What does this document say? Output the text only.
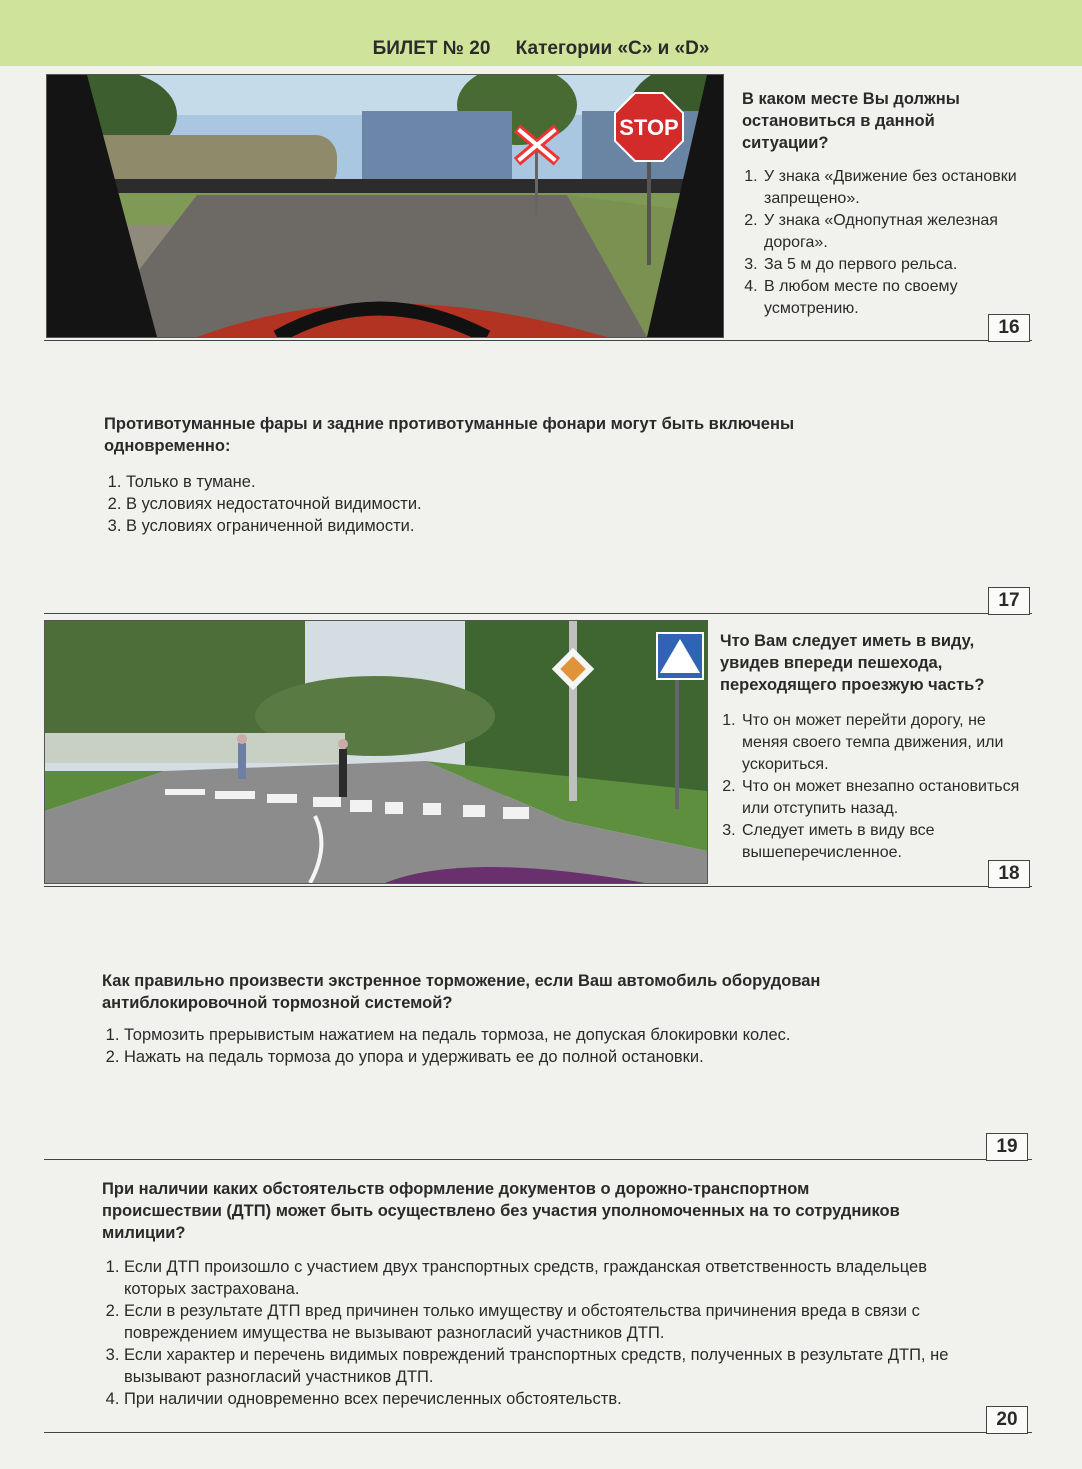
БИЛЕТ № 20 Категории «C» и «D»
STOP
В каком месте Вы должны остановиться в данной ситуации?
1. У знака «Движение без остановки запрещено».
2. У знака «Однопутная железная дорога».
3. За 5 м до первого рельса.
4. В любом месте по своему усмотрению.
16
Противотуманные фары и задние противотуманные фонари могут быть включены одновременно:
1. Только в тумане.
2. В условиях недостаточной видимости.
3. В условиях ограниченной видимости.
17
Что Вам следует иметь в виду, увидев впереди пешехода, переходящего проезжую часть?
1. Что он может перейти дорогу, не меняя своего темпа движения, или ускориться.
2. Что он может внезапно остановиться или отступить назад.
3. Следует иметь в виду все вышеперечисленное.
18
Как правильно произвести экстренное торможение, если Ваш автомобиль оборудован антиблокировочной тормозной системой?
1. Тормозить прерывистым нажатием на педаль тормоза, не допуская блокировки колес.
2. Нажать на педаль тормоза до упора и удерживать ее до полной остановки.
19
При наличии каких обстоятельств оформление документов о дорожно-транспортном происшествии (ДТП) может быть осуществлено без участия уполномоченных на то сотрудников милиции?
1. Если ДТП произошло с участием двух транспортных средств, гражданская ответственность владельцев которых застрахована.
2. Если в результате ДТП вред причинен только имуществу и обстоятельства причинения вреда в связи с повреждением имущества не вызывают разногласий участников ДТП.
3. Если характер и перечень видимых повреждений транспортных средств, полученных в результате ДТП, не вызывают разногласий участников ДТП.
4. При наличии одновременно всех перечисленных обстоятельств.
20
